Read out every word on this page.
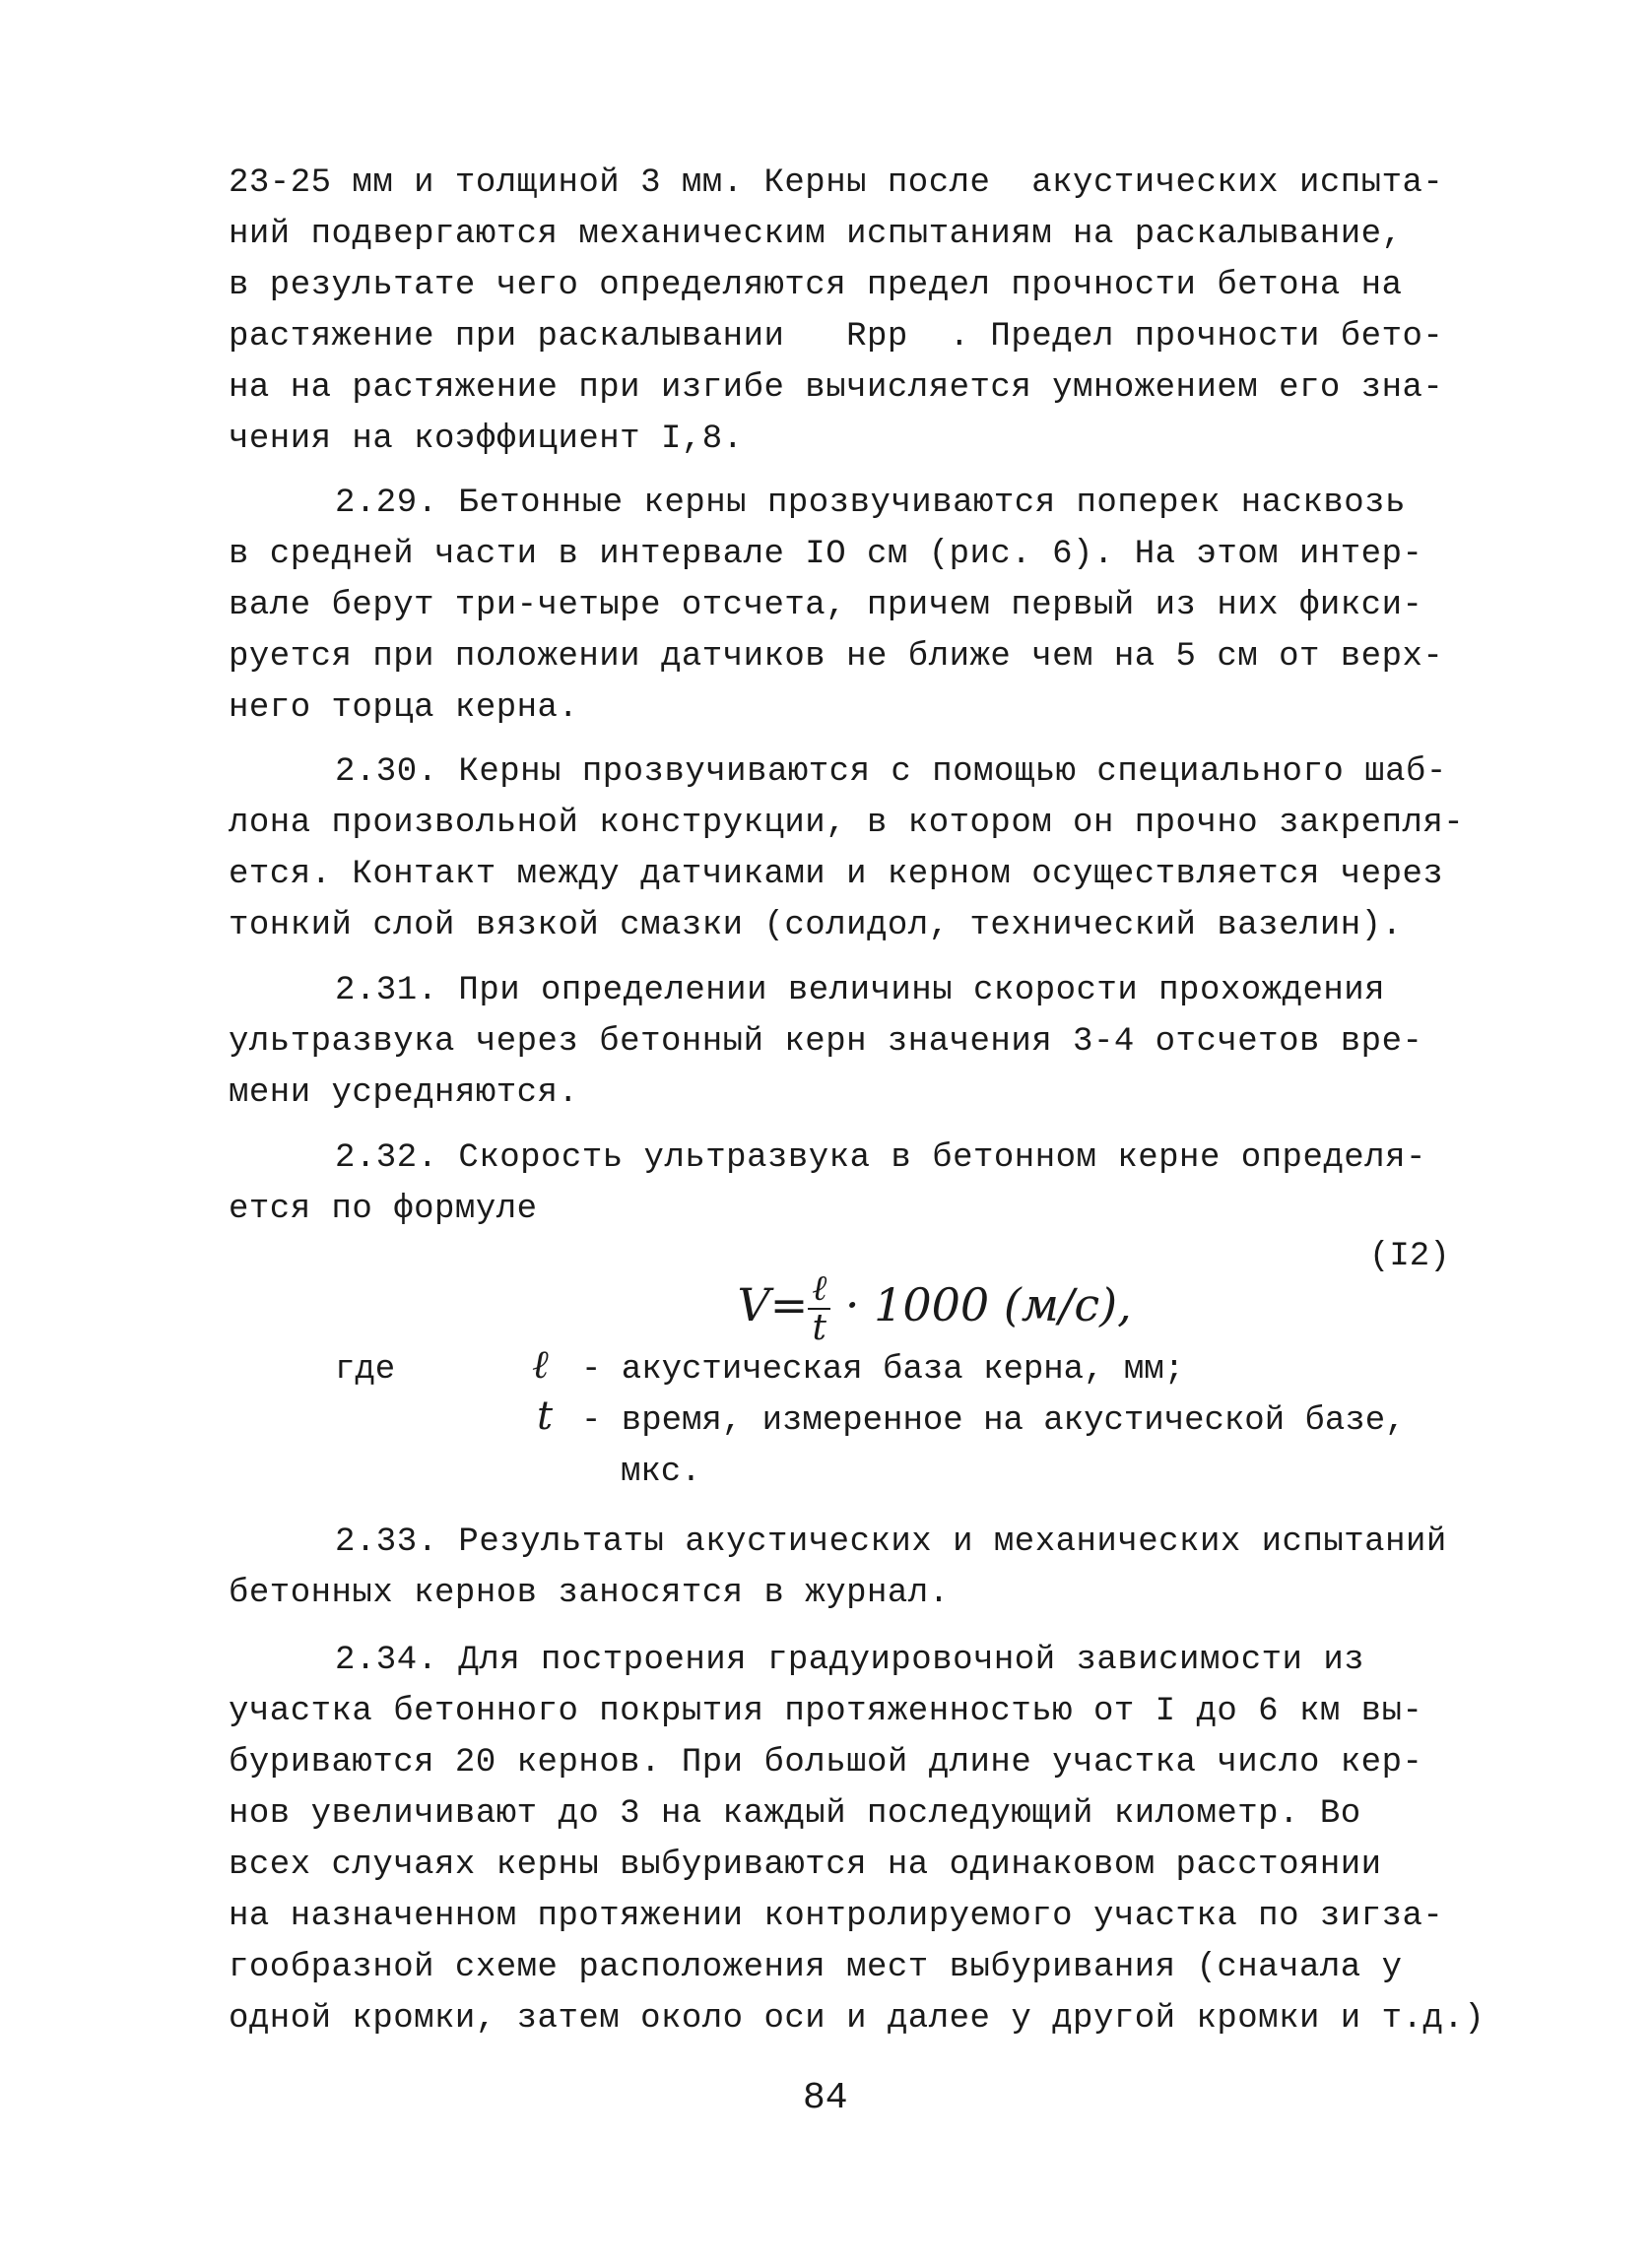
23-25 мм и толщиной 3 мм. Керны после  акустических испыта-
ний подвергаются механическим испытаниям на раскалывание,
в результате чего определяются предел прочности бетона на
растяжение при раскалывании   Rрр  . Предел прочности бето-
на на растяжение при изгибе вычисляется умножением его зна-
чения на коэффициент I,8.
2.29. Бетонные керны прозвучиваются поперек насквозь
в средней части в интервале IO см (рис. 6). На этом интер-
вале берут три-четыре отсчета, причем первый из них фикси-
руется при положении датчиков не ближе чем на 5 см от верх-
него торца керна.
2.30. Керны прозвучиваются с помощью специального шаб-
лона произвольной конструкции, в котором он прочно закрепля-
ется. Контакт между датчиками и керном осуществляется через
тонкий слой вязкой смазки (солидол, технический вазелин).
2.31. При определении величины скорости прохождения
ультразвука через бетонный керн значения 3-4 отсчетов вре-
мени усредняются.
2.32. Скорость ультразвука в бетонном керне определя-
ется по формуле

$V= \frac{\text{ℓ}}{t} \cdot 1000$ (м/с),

(I2)
где	ℓ - акустическая база керна, мм;
t - время, измеренное на акустической базе,
мкс.
2.33. Результаты акустических и механических испытаний
бетонных кернов заносятся в журнал.
2.34. Для построения градуировочной зависимости из
участка бетонного покрытия протяженностью от I до 6 км вы-
буриваются 20 кернов. При большой длине участка число кер-
нов увеличивают до 3 на каждый последующий километр. Во
всех случаях керны выбуриваются на одинаковом расстоянии
на назначенном протяжении контролируемого участка по зигза-
гообразной схеме расположения мест выбуривания (сначала у
одной кромки, затем около оси и далее у другой кромки и т.д.)
84
